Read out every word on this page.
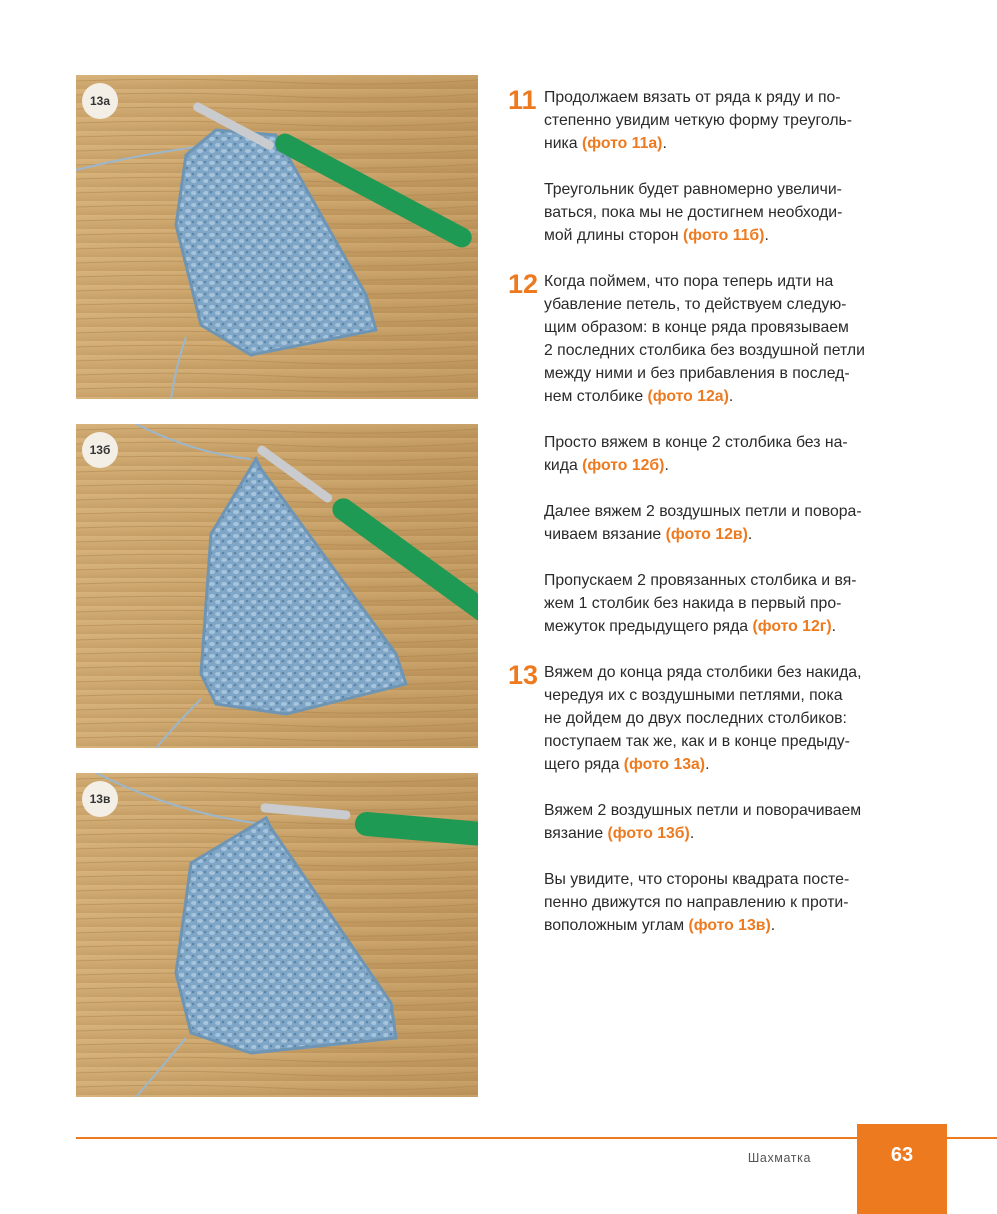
13а
13б
13в
11 Продолжаем вязать от ряда к ряду и по-
степенно увидим четкую форму треуголь-
ника (фото 11а).

Треугольник будет равномерно увеличи-
ваться, пока мы не достигнем необходи-
мой длины сторон (фото 11б).

12 Когда поймем, что пора теперь идти на
убавление петель, то действуем следую-
щим образом: в конце ряда провязываем
2 последних столбика без воздушной петли
между ними и без прибавления в послед-
нем столбике (фото 12а).

Просто вяжем в конце 2 столбика без на-
кида (фото 12б).

Далее вяжем 2 воздушных петли и повора-
чиваем вязание (фото 12в).

Пропускаем 2 провязанных столбика и вя-
жем 1 столбик без накида в первый про-
межуток предыдущего ряда (фото 12г).

13 Вяжем до конца ряда столбики без накида,
чередуя их с воздушными петлями, пока
не дойдем до двух последних столбиков:
поступаем так же, как и в конце предыду-
щего ряда (фото 13а).

Вяжем 2 воздушных петли и поворачиваем
вязание (фото 13б).

Вы увидите, что стороны квадрата посте-
пенно движутся по направлению к проти-
воположным углам (фото 13в).

Шахматка	63
